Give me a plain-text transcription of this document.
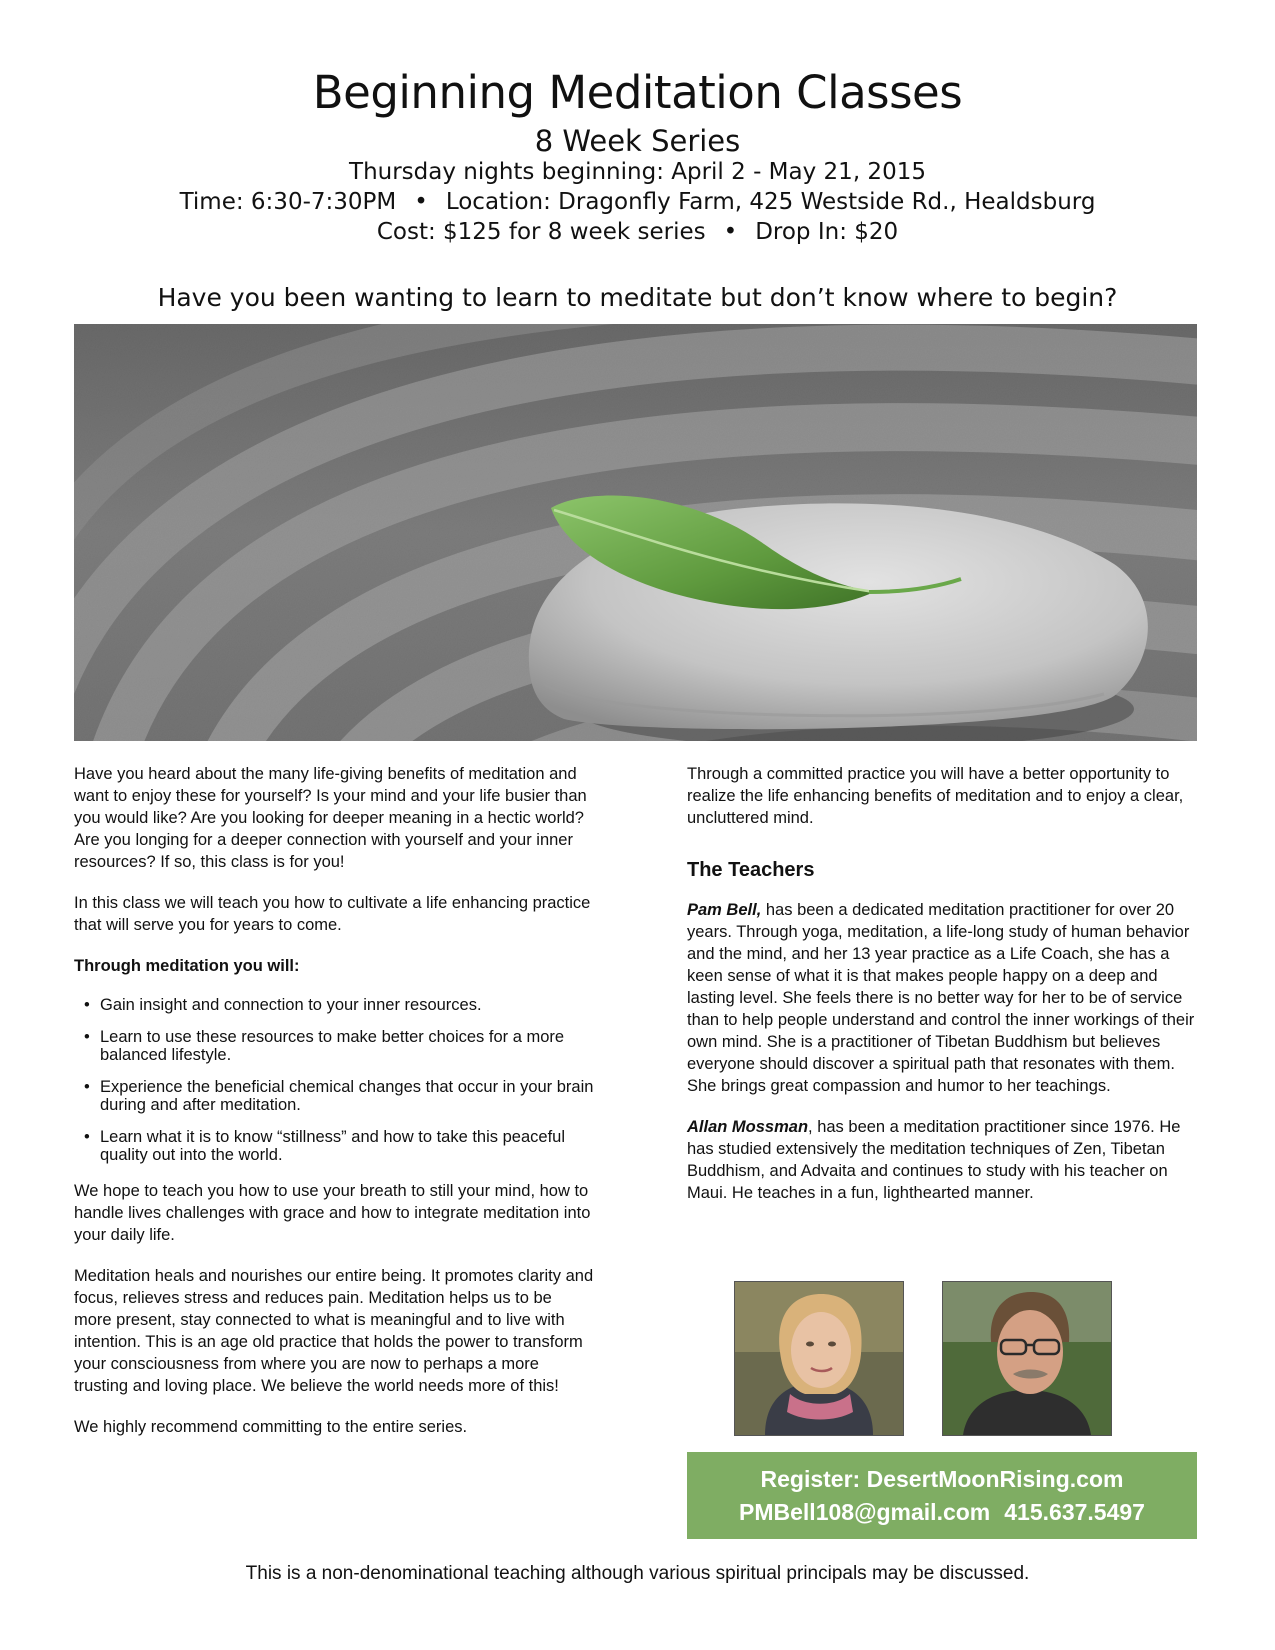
Beginning Meditation Classes
8 Week Series
Thursday nights beginning: April 2 - May 21, 2015
Time: 6:30-7:30PM • Location: Dragonfly Farm, 425 Westside Rd., Healdsburg
Cost: $125 for 8 week series • Drop In: $20
Have you been wanting to learn to meditate but don’t know where to begin?

Have you heard about the many life-giving benefits of meditation and want to enjoy these for yourself? Is your mind and your life busier than you would like? Are you looking for deeper meaning in a hectic world? Are you longing for a deeper connection with yourself and your inner resources? If so, this class is for you!

In this class we will teach you how to cultivate a life enhancing practice that will serve you for years to come.

Through meditation you will:
• Gain insight and connection to your inner resources.
• Learn to use these resources to make better choices for a more balanced lifestyle.
• Experience the beneficial chemical changes that occur in your brain during and after meditation.
• Learn what it is to know “stillness” and how to take this peaceful quality out into the world.

We hope to teach you how to use your breath to still your mind, how to handle lives challenges with grace and how to integrate meditation into your daily life.

Meditation heals and nourishes our entire being. It promotes clarity and focus, relieves stress and reduces pain. Meditation helps us to be more present, stay connected to what is meaningful and to live with intention. This is an age old practice that holds the power to transform your consciousness from where you are now to perhaps a more trusting and loving place. We believe the world needs more of this!

We highly recommend committing to the entire series.

Through a committed practice you will have a better opportunity to realize the life enhancing benefits of meditation and to enjoy a clear, uncluttered mind.

The Teachers

Pam Bell, has been a dedicated meditation practitioner for over 20 years. Through yoga, meditation, a life-long study of human behavior and the mind, and her 13 year practice as a Life Coach, she has a keen sense of what it is that makes people happy on a deep and lasting level. She feels there is no better way for her to be of service than to help people understand and control the inner workings of their own mind. She is a practitioner of Tibetan Buddhism but believes everyone should discover a spiritual path that resonates with them. She brings great compassion and humor to her teachings.

Allan Mossman, has been a meditation practitioner since 1976. He has studied extensively the meditation techniques of Zen, Tibetan Buddhism, and Advaita and continues to study with his teacher on Maui. He teaches in a fun, lighthearted manner.

Register: DesertMoonRising.com
PMBell108@gmail.com 415.637.5497
This is a non-denominational teaching although various spiritual principals may be discussed.
